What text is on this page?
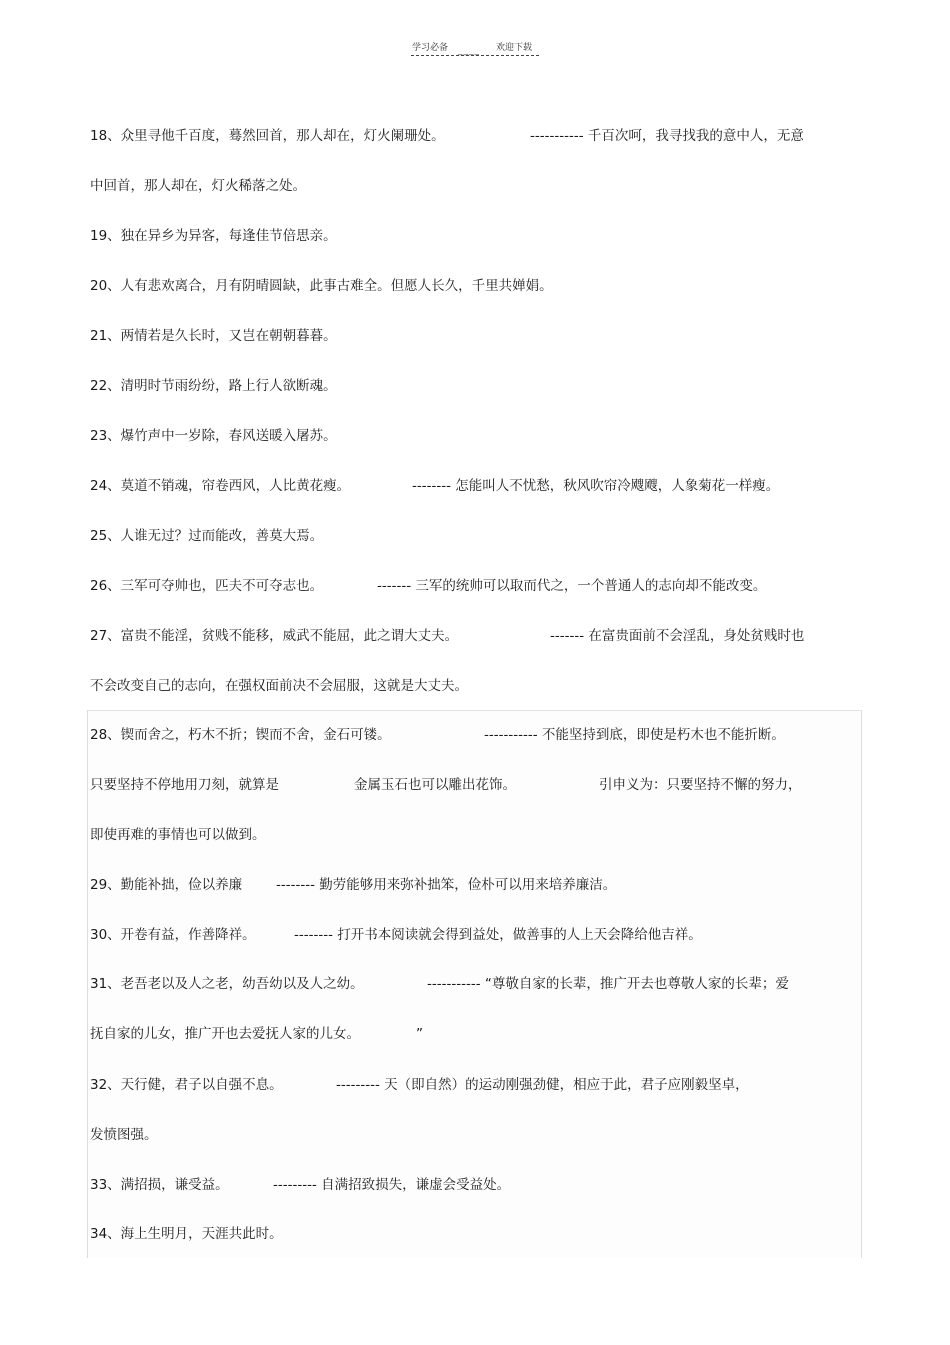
学习必备 ____ 欢迎下载
18、众里寻他千百度，蓦然回首，那人却在，灯火阑珊处。	----------- 千百次呵，我寻找我的意中人，无意
中回首，那人却在，灯火稀落之处。
19、独在异乡为异客，每逢佳节倍思亲。
20、人有悲欢离合，月有阴晴圆缺，此事古难全。但愿人长久，千里共婵娟。
21、两情若是久长时，又岂在朝朝暮暮。
22、清明时节雨纷纷，路上行人欲断魂。
23、爆竹声中一岁除，春风送暖入屠苏。
24、莫道不销魂，帘卷西风，人比黄花瘦。	-------- 怎能叫人不忧愁，秋风吹帘冷飕飕，人象菊花一样瘦。
25、人谁无过？过而能改，善莫大焉。
26、三军可夺帅也，匹夫不可夺志也。	------- 三军的统帅可以取而代之，一个普通人的志向却不能改变。
27、富贵不能淫，贫贱不能移，威武不能屈，此之谓大丈夫。	------- 在富贵面前不会淫乱，身处贫贱时也
不会改变自己的志向，在强权面前决不会屈服，这就是大丈夫。
28、锲而舍之，朽木不折；锲而不舍，金石可镂。	----------- 不能坚持到底，即使是朽木也不能折断。
只要坚持不停地用刀刻，就算是	金属玉石也可以雕出花饰。	引申义为：只要坚持不懈的努力，
即使再难的事情也可以做到。
29、勤能补拙，俭以养廉	-------- 勤劳能够用来弥补拙笨，俭朴可以用来培养廉洁。
30、开卷有益，作善降祥。	-------- 打开书本阅读就会得到益处，做善事的人上天会降给他吉祥。
31、老吾老以及人之老，幼吾幼以及人之幼。	----------- “尊敬自家的长辈，推广开去也尊敬人家的长辈；爱
抚自家的儿女，推广开也去爱抚人家的儿女。	”
32、天行健，君子以自强不息。	--------- 天（即自然）的运动刚强劲健，相应于此，君子应刚毅坚卓，
发愤图强。
33、满招损，谦受益。	--------- 自满招致损失，谦虚会受益处。
34、海上生明月，天涯共此时。
